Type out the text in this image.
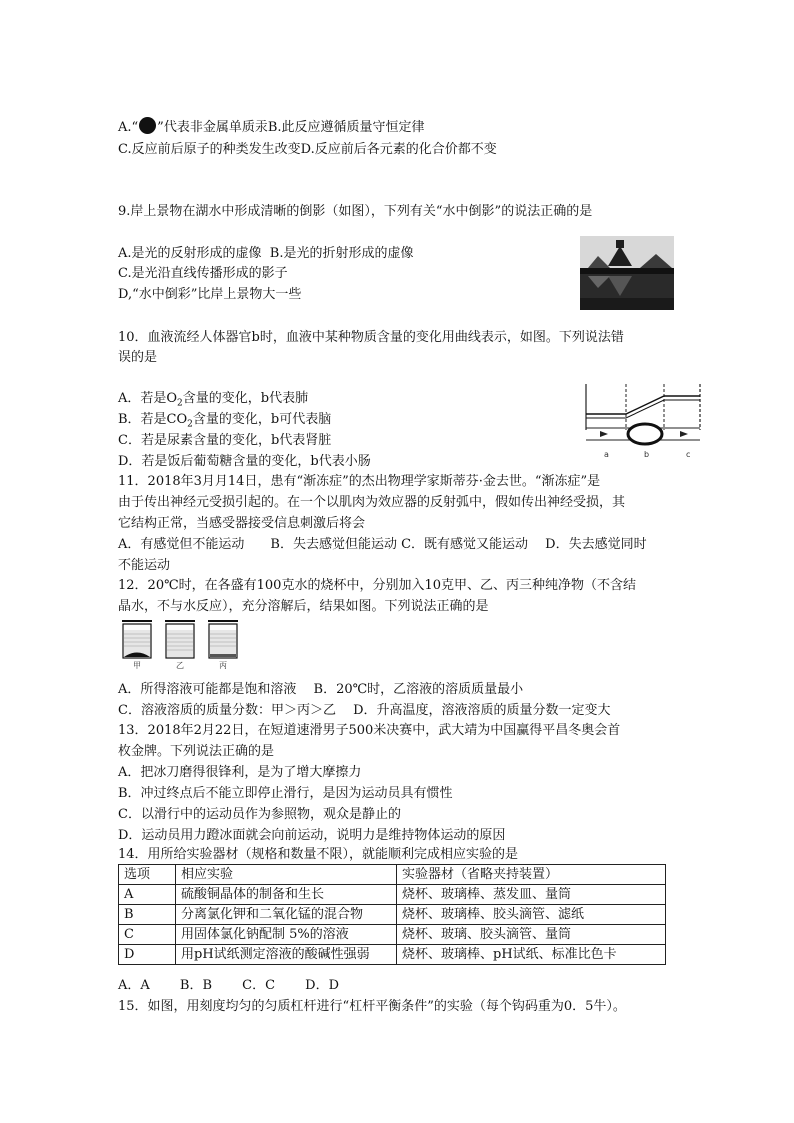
A.“ ”代表非金属单质汞B.此反应遵循质量守恒定律
C.反应前后原子的种类发生改变D.反应前后各元素的化合价都不变
9.岸上景物在湖水中形成清晰的倒影（如图），下列有关“水中倒影”的说法正确的是
A.是光的反射形成的虚像 B.是光的折射形成的虚像
C.是光沿直线传播形成的影子
D,“水中倒彩”比岸上景物大一些
10．血液流经人体器官b时，血液中某种物质含量的变化用曲线表示，如图。下列说法错
误的是
A．若是$O_2$含量的变化，b代表肺
B．若是$CO_2$含量的变化，b可代表脑
C．若是尿素含量的变化，b代表肾脏
D．若是饭后葡萄糖含量的变化，b代表小肠	a	b	c
11．2018年3月月14日，患有“渐冻症”的杰出物理学家斯蒂芬·金去世。“渐冻症”是
由于传出神经元受损引起的。在一个以肌肉为效应器的反射弧中，假如传出神经受损，其
它结构正常，当感受器接受信息刺激后将会
A．有感觉但不能运动　　B．失去感觉但能运动 C．既有感觉又能运动　 D．失去感觉同时
不能运动
12．20℃时，在各盛有100克水的烧杯中，分别加入10克甲、乙、丙三种纯净物（不含结
晶水，不与水反应），充分溶解后，结果如图。下列说法正确的是
甲	乙	丙
A．所得溶液可能都是饱和溶液　 B．20℃时，乙溶液的溶质质量最小
C．溶液溶质的质量分数：甲＞丙＞乙　 D．升高温度，溶液溶质的质量分数一定变大
13．2018年2月22日，在短道速滑男子500米决赛中，武大靖为中国赢得平昌冬奥会首
枚金牌。下列说法正确的是
A．把冰刀磨得很锋利，是为了增大摩擦力
B．冲过终点后不能立即停止滑行，是因为运动员具有惯性
C．以滑行中的运动员作为参照物，观众是静止的
D．运动员用力蹬冰面就会向前运动，说明力是维持物体运动的原因
14．用所给实验器材（规格和数量不限），就能顺利完成相应实验的是
选项	相应实验	实验器材（省略夹持装置）
A	硫酸铜晶体的制备和生长	烧杯、玻璃棒、蒸发皿、量筒
B	分离氯化钾和二氧化锰的混合物	烧杯、玻璃棒、胶头滴管、滤纸
C	用固体氯化钠配制 5%的溶液	烧杯、玻璃、胶头滴管、量筒
D	用pH试纸测定溶液的酸碱性强弱	烧杯、玻璃棒、pH试纸、标准比色卡
A．A　　 B．B　　 C．C　　 D．D
15．如图，用刻度均匀的匀质杠杆进行“杠杆平衡条件”的实验（每个钩码重为0．5牛）。
